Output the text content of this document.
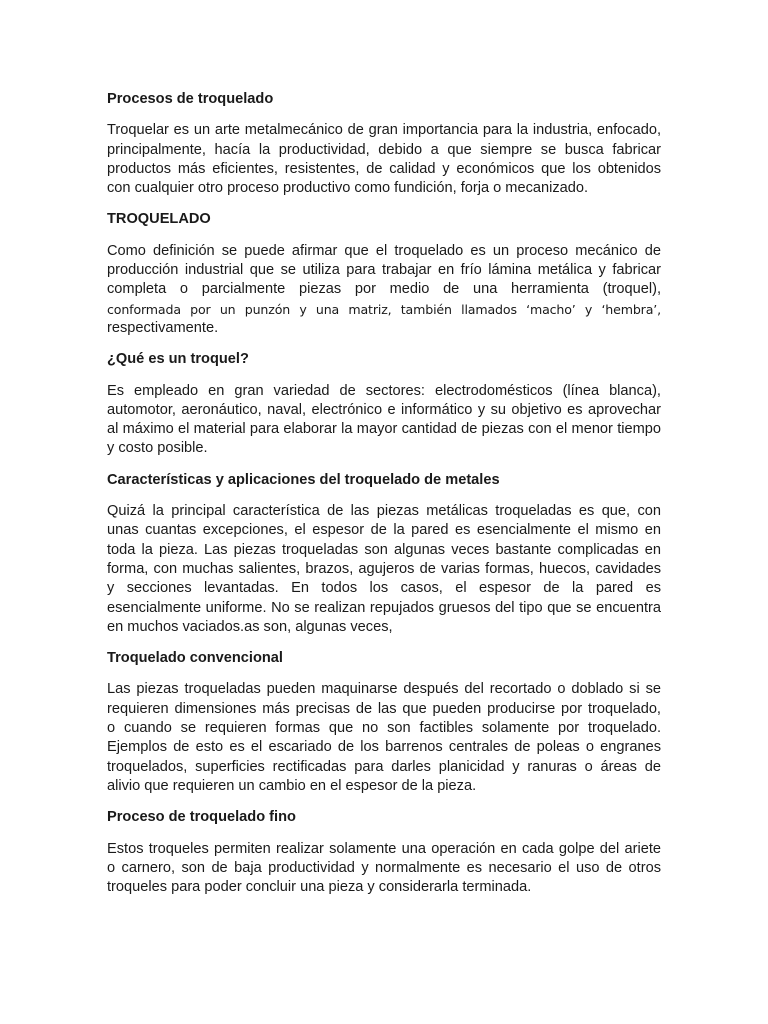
Procesos de troquelado
Troquelar es un arte metalmecánico de gran importancia para la industria, enfocado,
principalmente, hacía la productividad, debido a que siempre se busca fabricar
productos más eficientes, resistentes, de calidad y económicos que los obtenidos
con cualquier otro proceso productivo como fundición, forja o mecanizado.
TROQUELADO
Como definición se puede afirmar que el troquelado es un proceso mecánico de
producción industrial que se utiliza para trabajar en frío lámina metálica y fabricar
completa o parcialmente piezas por medio de una herramienta (troquel),
conformada por un punzón y una matriz, también llamados ‘macho’ y ‘hembra’,
respectivamente.
¿Qué es un troquel?
Es empleado en gran variedad de sectores: electrodomésticos (línea blanca),
automotor, aeronáutico, naval, electrónico e informático y su objetivo es aprovechar
al máximo el material para elaborar la mayor cantidad de piezas con el menor tiempo
y costo posible.
Características y aplicaciones del troquelado de metales
Quizá la principal característica de las piezas metálicas troqueladas es que, con
unas cuantas excepciones, el espesor de la pared es esencialmente el mismo en
toda la pieza. Las piezas troqueladas son algunas veces bastante complicadas en
forma, con muchas salientes, brazos, agujeros de varias formas, huecos, cavidades
y secciones levantadas. En todos los casos, el espesor de la pared es
esencialmente uniforme. No se realizan repujados gruesos del tipo que se encuentra
en muchos vaciados.as son, algunas veces,
Troquelado convencional
Las piezas troqueladas pueden maquinarse después del recortado o doblado si se
requieren dimensiones más precisas de las que pueden producirse por troquelado,
o cuando se requieren formas que no son factibles solamente por troquelado.
Ejemplos de esto es el escariado de los barrenos centrales de poleas o engranes
troquelados, superficies rectificadas para darles planicidad y ranuras o áreas de
alivio que requieren un cambio en el espesor de la pieza.
Proceso de troquelado fino
Estos troqueles permiten realizar solamente una operación en cada golpe del ariete
o carnero, son de baja productividad y normalmente es necesario el uso de otros
troqueles para poder concluir una pieza y considerarla terminada.
